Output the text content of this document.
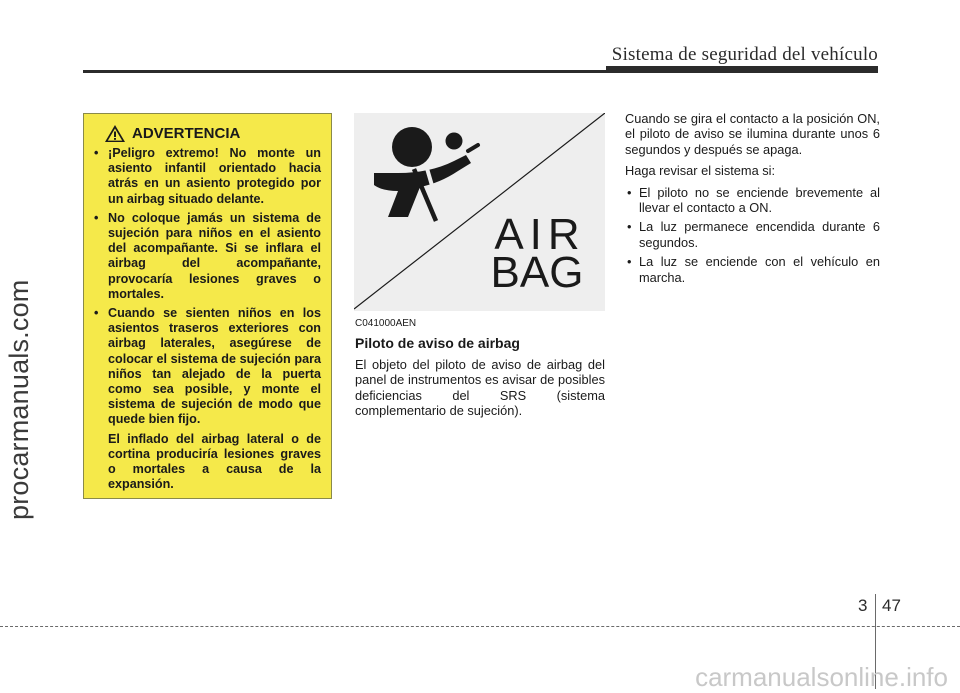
Sistema de seguridad del vehículo
procarmanuals.com
ADVERTENCIA
• ¡Peligro extremo! No monte un asiento infantil orientado hacia atrás en un asiento protegido por un airbag situado delante.
• No coloque jamás un sistema de sujeción para niños en el asiento del acompañante. Si se inflara el airbag del acompañante, provocaría lesiones graves o mortales.
• Cuando se sienten niños en los asientos traseros exteriores con airbag laterales, asegúrese de colocar el sistema de sujeción para niños tan alejado de la puerta como sea posible, y monte el sistema de sujeción de modo que quede bien fijo.

El inflado del airbag lateral o de cortina produciría lesiones graves o mortales a causa de la expansión.

AIR
BAG

C041000AEN

Piloto de aviso de airbag

El objeto del piloto de aviso de airbag del panel de instrumentos es avisar de posibles deficiencias del SRS (sistema complementario de sujeción).

Cuando se gira el contacto a la posición ON, el piloto de aviso se ilumina durante unos 6 segundos y después se apaga.

Haga revisar el sistema si:

• El piloto no se enciende brevemente al llevar el contacto a ON.
• La luz permanece encendida durante 6 segundos.
• La luz se enciende con el vehículo en marcha.
3 47
carmanualsonline.info
